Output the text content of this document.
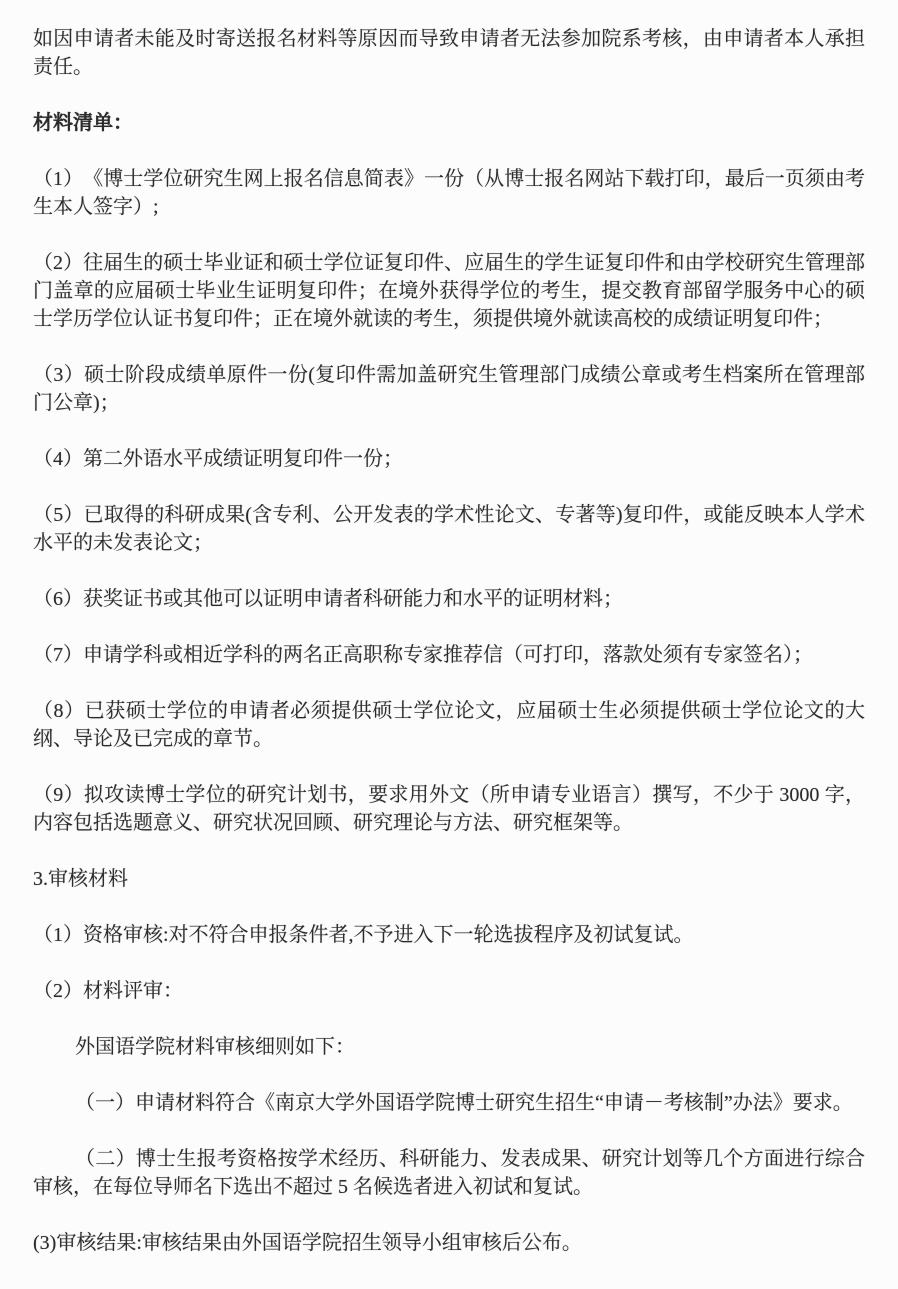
如因申请者未能及时寄送报名材料等原因而导致申请者无法参加院系考核，由申请者本人承担责任。

材料清单：

（1）　《博士学位研究生网上报名信息简表》一份（从博士报名网站下载打印，最后一页须由考生本人签字）;

（2）往届生的硕士毕业证和硕士学位证复印件、应届生的学生证复印件和由学校研究生管理部门盖章的应届硕士毕业生证明复印件；在境外获得学位的考生，提交教育部留学服务中心的硕士学历学位认证书复印件；正在境外就读的考生，须提供境外就读高校的成绩证明复印件；

（3）硕士阶段成绩单原件一份(复印件需加盖研究生管理部门成绩公章或考生档案所在管理部门公章)；

（4）第二外语水平成绩证明复印件一份；

（5）已取得的科研成果(含专利、公开发表的学术性论文、专著等)复印件，或能反映本人学术水平的未发表论文；

（6）获奖证书或其他可以证明申请者科研能力和水平的证明材料；

（7）申请学科或相近学科的两名正高职称专家推荐信（可打印，落款处须有专家签名）；

（8）已获硕士学位的申请者必须提供硕士学位论文，应届硕士生必须提供硕士学位论文的大纲、导论及已完成的章节。

（9）拟攻读博士学位的研究计划书，要求用外文（所申请专业语言）撰写，不少于 3000 字，内容包括选题意义、研究状况回顾、研究理论与方法、研究框架等。

3.审核材料

（1）资格审核:对不符合申报条件者,不予进入下一轮选拔程序及初试复试。

（2）材料评审：

外国语学院材料审核细则如下：

（一）申请材料符合《南京大学外国语学院博士研究生招生“申请－考核制”办法》要求。

（二）博士生报考资格按学术经历、科研能力、发表成果、研究计划等几个方面进行综合审核，在每位导师名下选出不超过 5 名候选者进入初试和复试。

(3)审核结果:审核结果由外国语学院招生领导小组审核后公布。
